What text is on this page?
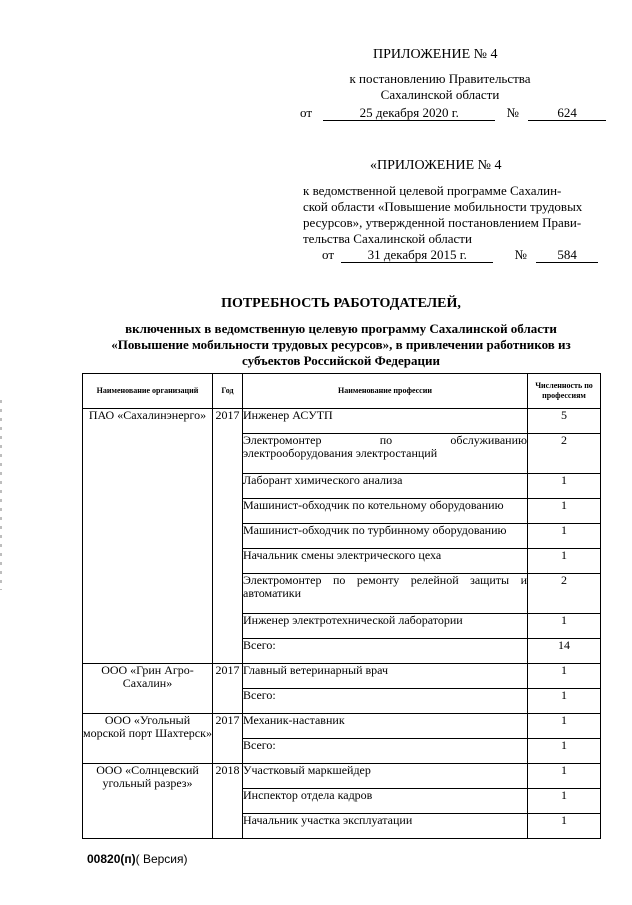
ПРИЛОЖЕНИЕ № 4
к постановлению Правительства
Сахалинской области
от	25 декабря 2020 г.	№	624
«ПРИЛОЖЕНИЕ № 4
к ведомственной целевой программе Сахалин-
ской области «Повышение мобильности трудовых
ресурсов», утвержденной постановлением Прави-
тельства Сахалинской области
от	31 декабря 2015 г.	№ 584
ПОТРЕБНОСТЬ РАБОТОДАТЕЛЕЙ,
включенных в ведомственную целевую программу Сахалинской области
«Повышение мобильности трудовых ресурсов», в привлечении работников из
субъектов Российской Федерации
Наименование организаций	Год	Наименование профессии	Численность по профессиям
ПАО «Сахалинэнерго»	2017	Инженер АСУТП	5
		Электромонтер по обслуживанию электрооборудования электростанций	2
		Лаборант химического анализа	1
		Машинист-обходчик по котельному оборудованию	1
		Машинист-обходчик по турбинному оборудованию	1
		Начальник смены электрического цеха	1
		Электромонтер по ремонту релейной защиты и автоматики	2
		Инженер электротехнической лаборатории	1
		Всего:	14
ООО «Грин Агро-Сахалин»	2017	Главный ветеринарный врач	1
		Всего:	1
ООО «Угольный морской порт Шахтерск»	2017	Механик-наставник	1
		Всего:	1
ООО «Солнцевский угольный разрез»	2018	Участковый маркшейдер	1
		Инспектор отдела кадров	1
		Начальник участка эксплуатации	1
00820(п)( Версия)
